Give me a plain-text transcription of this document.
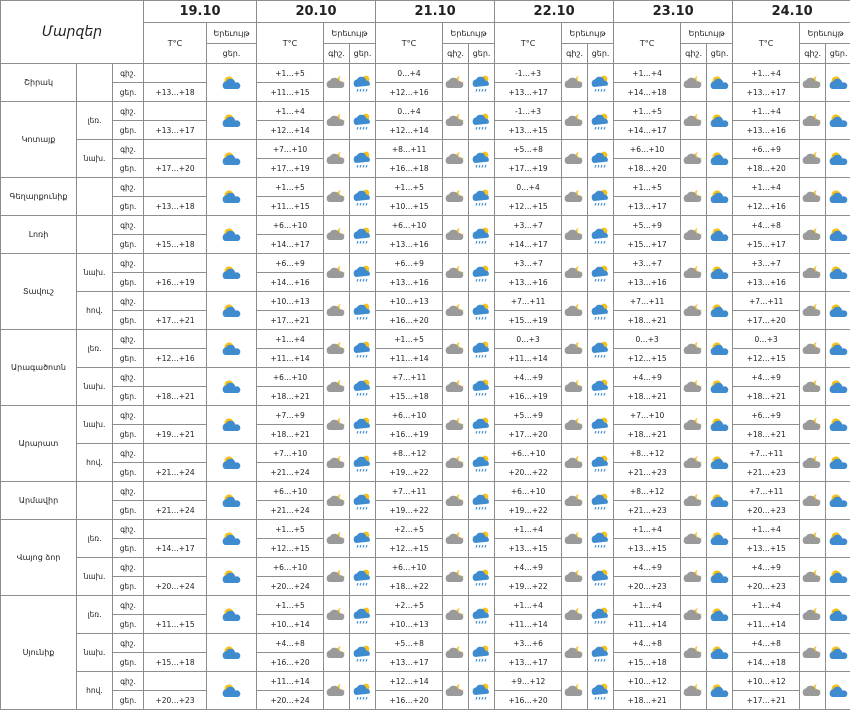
Մարզեր			19.10		20.10			21.10			22.10			23.10			24.10		
			T°C	Երեւույթ	T°C	Երեւույթ		T°C	Երեւույթ		T°C	Երեւույթ		T°C	Երեւույթ		T°C	Երեւույթ	
				ցեր.		գիշ.	ցեր.		գիշ.	ցեր.		գիշ.	ցեր.		գիշ.	ցեր.		գիշ.	ցեր.
Շիրակ		գիշ.			+1…+5			0…+4			-1…+3			+1…+4			+1…+4	

		ցեր.	+13…+18		+11…+15			+12…+16			+13…+17			+14…+18			+13…+17		
Կոտայք	լեռ.	գիշ.			+1…+4			0…+4			-1…+3			+1…+5			+1…+4	

		ցեր.	+13…+17		+12…+14			+12…+14			+13…+15			+14…+17			+13…+16		
	նախ.	գիշ.			+7…+10			+8…+11			+5…+8			+6…+10			+6…+9	

		ցեր.	+17…+20		+17…+19			+16…+18			+17…+19			+18…+20			+18…+20		
Գեղարքունիք		գիշ.			+1…+5			+1…+5			0…+4			+1…+5			+1…+4	

		ցեր.	+13…+18		+11…+15			+10…+15			+12…+15			+13…+17			+12…+16		
Լոռի		գիշ.			+6…+10			+6…+10			+3…+7			+5…+9			+4…+8	

		ցեր.	+15…+18		+14…+17			+13…+16			+14…+17			+15…+17			+15…+17		
Տավուշ	նախ.	գիշ.			+6…+9			+6…+9			+3…+7			+3…+7			+3…+7	

		ցեր.	+16…+19		+14…+16			+13…+16			+13…+16			+13…+16			+13…+16		
	հով.	գիշ.			+10…+13			+10…+13			+7…+11			+7…+11			+7…+11	

		ցեր.	+17…+21		+17…+21			+16…+20			+15…+19			+18…+21			+17…+20		
Արագածոտն	լեռ.	գիշ.			+1…+4			+1…+5			0…+3			0…+3			0…+3	

		ցեր.	+12…+16		+11…+14			+11…+14			+11…+14			+12…+15			+12…+15		
	նախ.	գիշ.			+6…+10			+7…+11			+4…+9			+4…+9			+4…+9	

		ցեր.	+18…+21		+18…+21			+15…+18			+16…+19			+18…+21			+18…+21		
Արարատ	նախ.	գիշ.			+7…+9			+6…+10			+5…+9			+7…+10			+6…+9	

		ցեր.	+19…+21		+18…+21			+16…+19			+17…+20			+18…+21			+18…+21		
	հով.	գիշ.			+7…+10			+8…+12			+6…+10			+8…+12			+7…+11	

		ցեր.	+21…+24		+21…+24			+19…+22			+20…+22			+21…+23			+21…+23		
Արմավիր		գիշ.			+6…+10			+7…+11			+6…+10			+8…+12			+7…+11	

		ցեր.	+21…+24		+21…+24			+19…+22			+19…+22			+21…+23			+20…+23		
Վայոց ձոր	լեռ.	գիշ.			+1…+5			+2…+5			+1…+4			+1…+4			+1…+4	

		ցեր.	+14…+17		+12…+15			+12…+15			+13…+15			+13…+15			+13…+15		
	նախ.	գիշ.			+6…+10			+6…+10			+4…+9			+4…+9			+4…+9	

		ցեր.	+20…+24		+20…+24			+18…+22			+19…+22			+20…+23			+20…+23		
Սյունիք	լեռ.	գիշ.			+1…+5			+2…+5			+1…+4			+1…+4			+1…+4	

		ցեր.	+11…+15		+10…+14			+10…+13			+11…+14			+11…+14			+11…+14		
	նախ.	գիշ.			+4…+8			+5…+8			+3…+6			+4…+8			+4…+8	

		ցեր.	+15…+18		+16…+20			+13…+17			+13…+17			+15…+18			+14…+18		
	հով.	գիշ.			+11…+14			+12…+14			+9…+12			+10…+12			+10…+12	

		ցեր.	+20…+23		+20…+24			+16…+20			+16…+20			+18…+21			+17…+21		
